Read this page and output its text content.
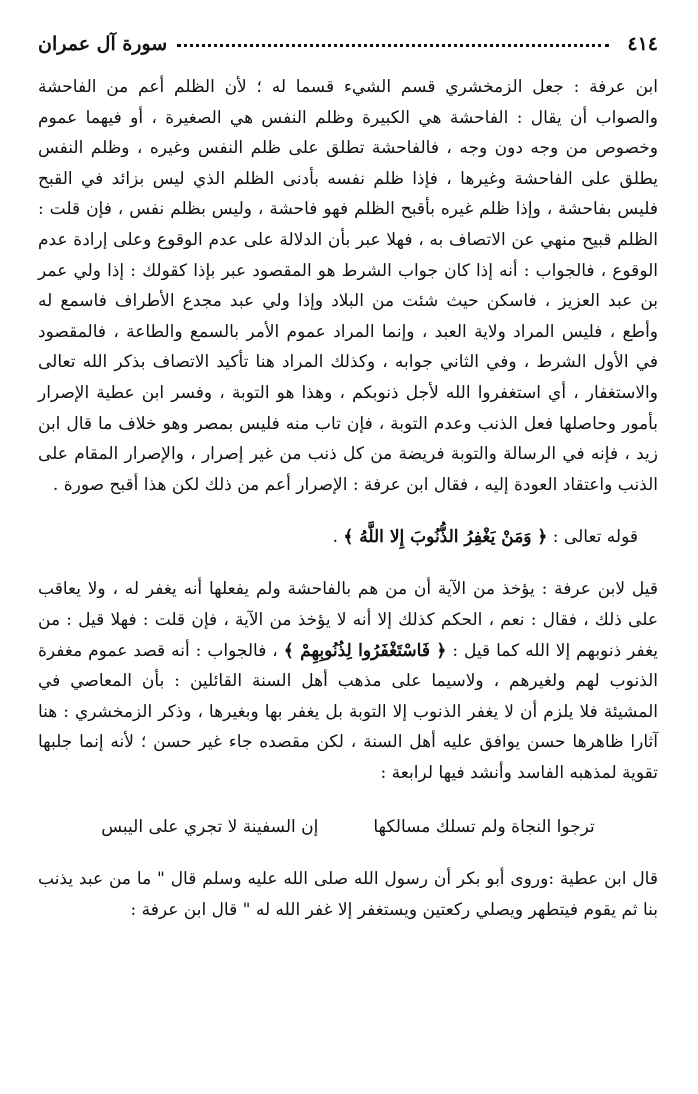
٤١٤
سورة آل عمران

ابن عرفة : جعل الزمخشري قسم الشيء قسما له ؛ لأن الظلم أعم من الفاحشة والصواب أن يقال : الفاحشة هي الكبيرة وظلم النفس هي الصغيرة ، أو فيهما عموم وخصوص من وجه دون وجه ، فالفاحشة تطلق على ظلم النفس وغيره ، وظلم النفس يطلق على الفاحشة وغيرها ، فإذا ظلم نفسه بأدنى الظلم الذي ليس بزائد في القبح فليس بفاحشة ، وإذا ظلم غيره بأقبح الظلم فهو فاحشة ، وليس بظلم نفس ، فإن قلت : الظلم قبيح منهي عن الاتصاف به ، فهلا عبر بأن الدلالة على عدم الوقوع وعلى إرادة عدم الوقوع ، فالجواب : أنه إذا كان جواب الشرط هو المقصود عبر بإذا كقولك : إذا ولي عمر بن عبد العزيز ، فاسكن حيث شئت من البلاد وإذا ولي عبد مجدع الأطراف فاسمع له وأطع ، فليس المراد ولاية العبد ، وإنما المراد عموم الأمر بالسمع والطاعة ، فالمقصود في الأول الشرط ، وفي الثاني جوابه ، وكذلك المراد هنا تأكيد الاتصاف بذكر الله تعالى والاستغفار ، أي استغفروا الله لأجل ذنوبكم ، وهذا هو التوبة ، وفسر ابن عطية الإصرار بأمور وحاصلها فعل الذنب وعدم التوبة ، فإن تاب منه فليس بمصر وهو خلاف ما قال ابن زيد ، فإنه في الرسالة والتوبة فريضة من كل ذنب من غير إصرار ، والإصرار المقام على الذنب واعتقاد العودة إليه ، فقال ابن عرفة : الإصرار أعم من ذلك لكن هذا أقبح صورة .

قوله تعالى : ﴿ وَمَنْ يَغْفِرُ الذُّنُوبَ إِلا اللَّهُ ﴾ .

قيل لابن عرفة : يؤخذ من الآية أن من هم بالفاحشة ولم يفعلها أنه يغفر له ، ولا يعاقب على ذلك ، فقال : نعم ، الحكم كذلك إلا أنه لا يؤخذ من الآية ، فإن قلت : فهلا قيل : من يغفر ذنوبهم إلا الله كما قيل : ﴿ فَاسْتَغْفَرُوا لِذُنُوبِهِمْ ﴾ ، فالجواب : أنه قصد عموم مغفرة الذنوب لهم ولغيرهم ، ولاسيما على مذهب أهل السنة القائلين : بأن المعاصي في المشيئة فلا يلزم أن لا يغفر الذنوب إلا التوبة بل يغفر بها وبغيرها ، وذكر الزمخشري : هنا آثارا ظاهرها حسن يوافق عليه أهل السنة ، لكن مقصده جاء غير حسن ؛ لأنه إنما جلبها تقوية لمذهبه الفاسد وأنشد فيها لرابعة :

ترجوا النجاة ولم تسلك مسالكها
إن السفينة لا تجري على اليبس

قال ابن عطية :وروى أبو بكر أن رسول الله صلى الله عليه وسلم قال " ما من عبد يذنب بنا ثم يقوم فيتطهر ويصلي ركعتين ويستغفر إلا غفر الله له " قال ابن عرفة :
